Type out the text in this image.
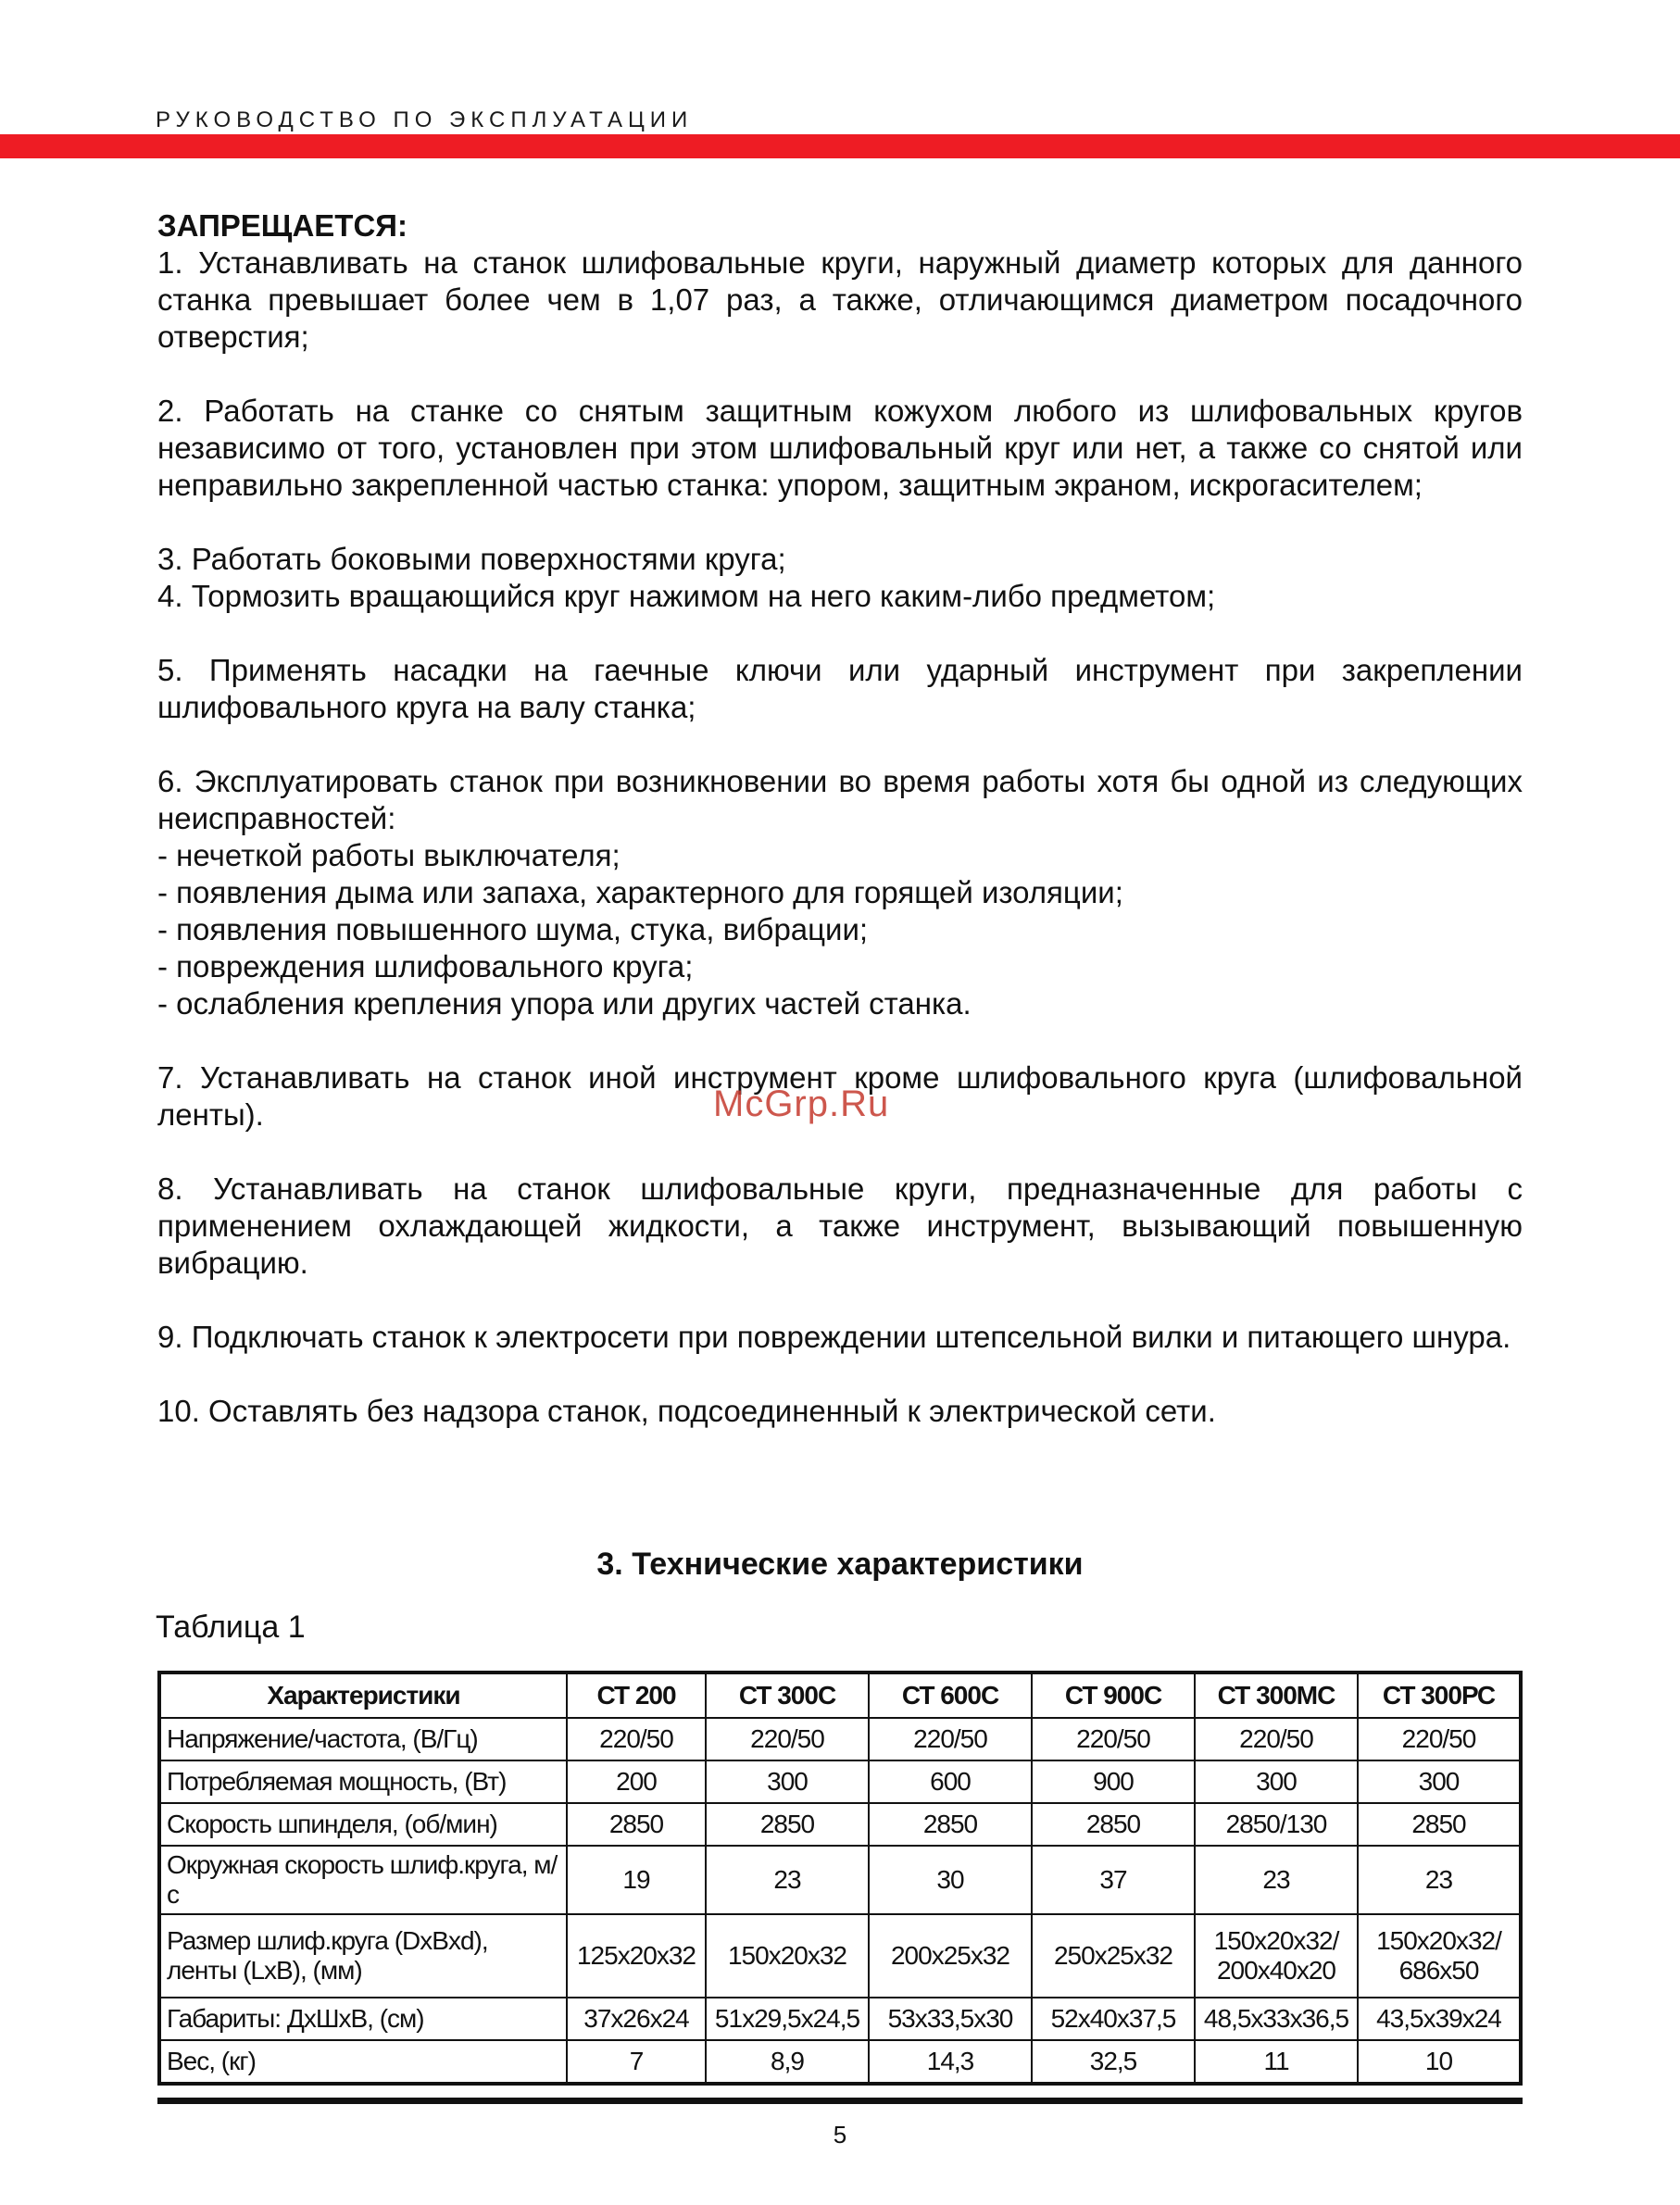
РУКОВОДСТВО ПО ЭКСПЛУАТАЦИИ

ЗАПРЕЩАЕТСЯ:

1. Устанавливать на станок шлифовальные круги, наружный диаметр которых для данного станка превышает более чем в 1,07 раз, а также, отличающимся диаметром посадочного отверстия;

2. Работать на станке со снятым защитным кожухом любого из шлифовальных кругов независимо от того, установлен при этом шлифовальный круг или нет, а также со снятой или неправильно закрепленной частью станка: упором, защитным экраном, искрогасителем;

3. Работать боковыми поверхностями круга;

4. Тормозить вращающийся круг нажимом на него каким-либо предметом;

5. Применять насадки на гаечные ключи или ударный инструмент при закреплении шлифовального круга на валу станка;

6. Эксплуатировать станок при возникновении во время работы хотя бы одной из следующих неисправностей:

- нечеткой работы выключателя;

- появления дыма или запаха, характерного для горящей изоляции;

- появления повышенного шума, стука, вибрации;

- повреждения шлифовального круга;

- ослабления крепления упора или других частей станка.

7. Устанавливать на станок иной инструмент кроме шлифовального круга (шлифовальной ленты).

8. Устанавливать на станок шлифовальные круги, предназначенные для работы с применением охлаждающей жидкости, а также инструмент, вызывающий повышенную вибрацию.

9. Подключать станок к электросети при повреждении штепсельной вилки и питающего шнура.

10. Оставлять без надзора станок, подсоединенный к электрической сети.

McGrp.Ru
3. Технические характеристики
Таблица 1
Характеристики	СТ 200	СТ 300С	СТ 600С	СТ 900С	СТ 300МС	СТ 300РС
Напряжение/частота, (В/Гц)	220/50	220/50	220/50	220/50	220/50	220/50
Потребляемая мощность, (Вт)	200	300	600	900	300	300
Скорость шпинделя, (об/мин)	2850	2850	2850	2850	2850/130	2850
Окружная скорость шлиф.круга, м/с	19	23	30	37	23	23
Размер шлиф.круга (DxBxd), ленты (LxB), (мм)	125x20x32	150x20x32	200x25x32	250x25x32	150x20x32/ 200x40x20	150x20x32/ 686x50
Габариты: ДхШхВ, (см)	37x26x24	51x29,5x24,5	53x33,5x30	52x40x37,5	48,5x33x36,5	43,5x39x24
Вес, (кг)	7	8,9	14,3	32,5	11	10
5
